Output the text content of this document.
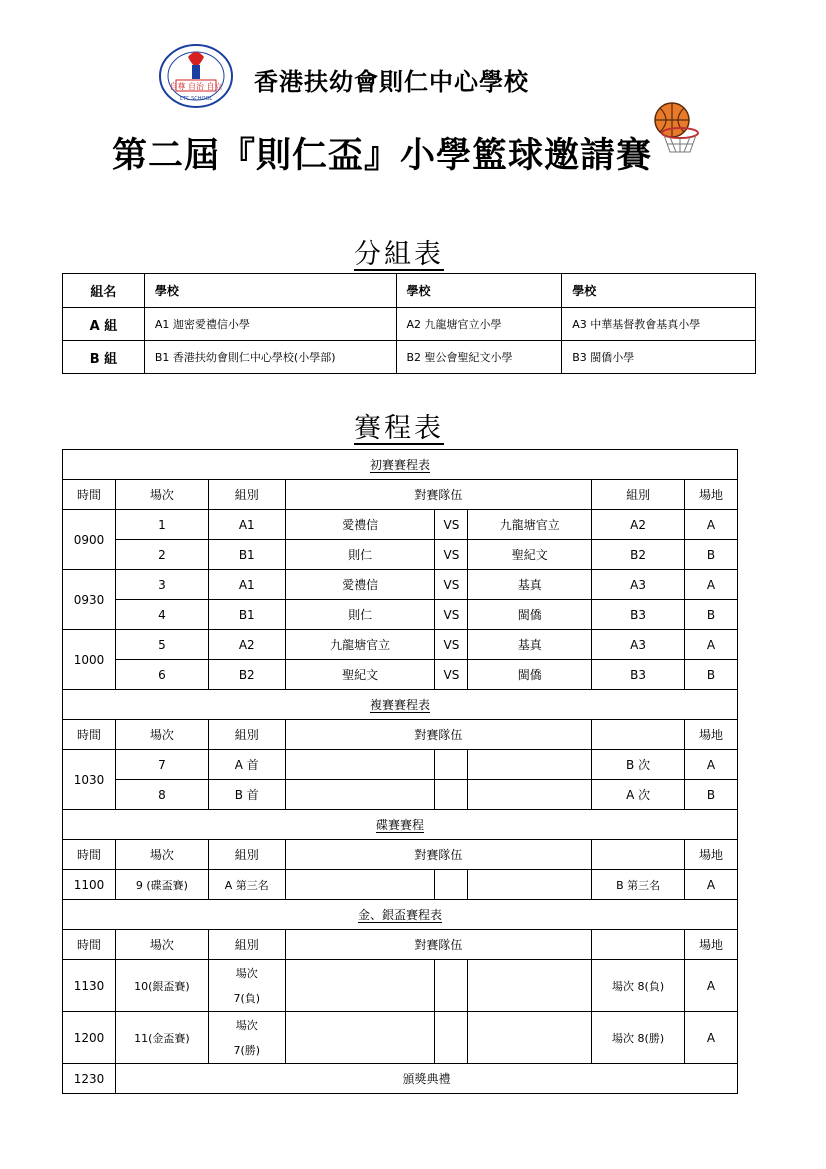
自尊 自治 自立
CTC SCHOOL
香港扶幼會則仁中心學校
第二屆『則仁盃』小學籃球邀請賽
分組表
組名	學校	學校	學校
A 組	A1 迦密愛禮信小學	A2 九龍塘官立小學	A3 中華基督教會基真小學
B 組	B1 香港扶幼會則仁中心學校(小學部)	B2 聖公會聖紀文小學	B3 閩僑小學
賽程表
初賽賽程表							
時間	場次	組別	對賽隊伍			組別	場地
0900	1	A1	愛禮信	VS	九龍塘官立	A2	A
	2	B1	則仁	VS	聖紀文	B2	B
0930	3	A1	愛禮信	VS	基真	A3	A
	4	B1	則仁	VS	閩僑	B3	B
1000	5	A2	九龍塘官立	VS	基真	A3	A
	6	B2	聖紀文	VS	閩僑	B3	B
複賽賽程表							
時間	場次	組別	對賽隊伍				場地
1030	7	A 首				B 次	A
	8	B 首				A 次	B
碟賽賽程							
時間	場次	組別	對賽隊伍				場地
1100	9 (碟盃賽)	A 第三名				B 第三名	A
金、銀盃賽程表							
時間	場次	組別	對賽隊伍				場地
1130	10(銀盃賽)	場次
7(負)				場次 8(負)	A
1200	11(金盃賽)	場次
7(勝)				場次 8(勝)	A
1230	頒獎典禮						
